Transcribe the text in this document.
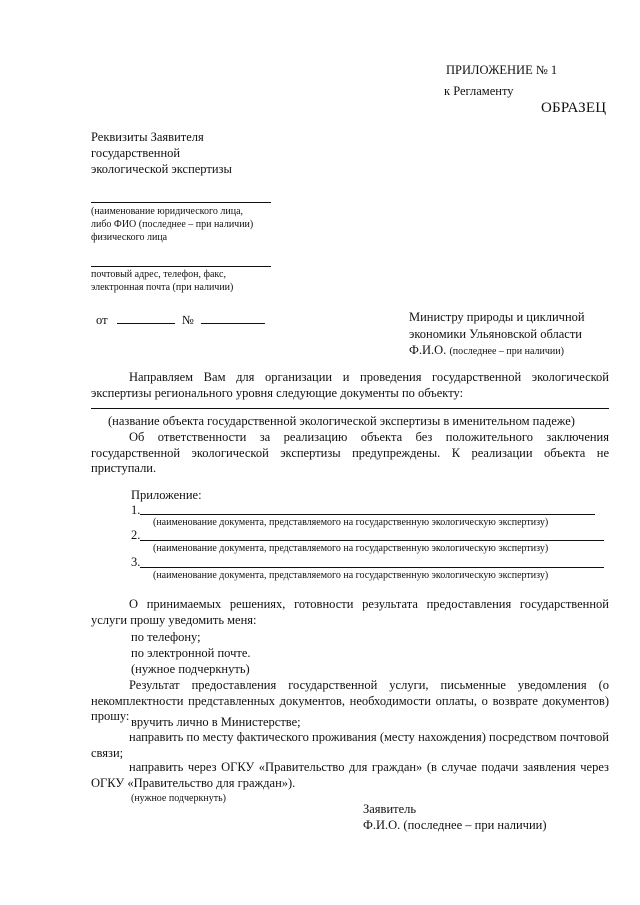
ПРИЛОЖЕНИЕ № 1
к Регламенту
ОБРАЗЕЦ
Реквизиты Заявителя
государственной
экологической экспертизы
(наименование юридического лица,
либо ФИО (последнее – при наличии)
физического лица
почтовый адрес, телефон, факс,
электронная почта (при наличии)
от	№	Министру природы и цикличной
экономики Ульяновской области
Ф.И.О. (последнее – при наличии)
Направляем Вам для организации и проведения государственной экологической экспертизы регионального уровня следующие документы по объекту:
(название объекта государственной экологической экспертизы в именительном падеже)
Об ответственности за реализацию объекта без положительного заключения государственной экологической экспертизы предупреждены. К реализации объекта не приступали.
Приложение:
1.
(наименование документа, представляемого на государственную экологическую экспертизу)
2.
(наименование документа, представляемого на государственную экологическую экспертизу)
3.
(наименование документа, представляемого на государственную экологическую экспертизу)
О принимаемых решениях, готовности результата предоставления государственной услуги прошу уведомить меня:
по телефону;
по электронной почте.
(нужное подчеркнуть)
Результат предоставления государственной услуги, письменные уведомления (о некомплектности представленных документов, необходимости оплаты, о возврате документов) прошу: вручить лично в Министерстве;
направить по месту фактического проживания (месту нахождения) посредством почтовой связи;
направить через ОГКУ «Правительство для граждан» (в случае подачи заявления через ОГКУ «Правительство для граждан»).
(нужное подчеркнуть)
Заявитель
Ф.И.О. (последнее – при наличии)
